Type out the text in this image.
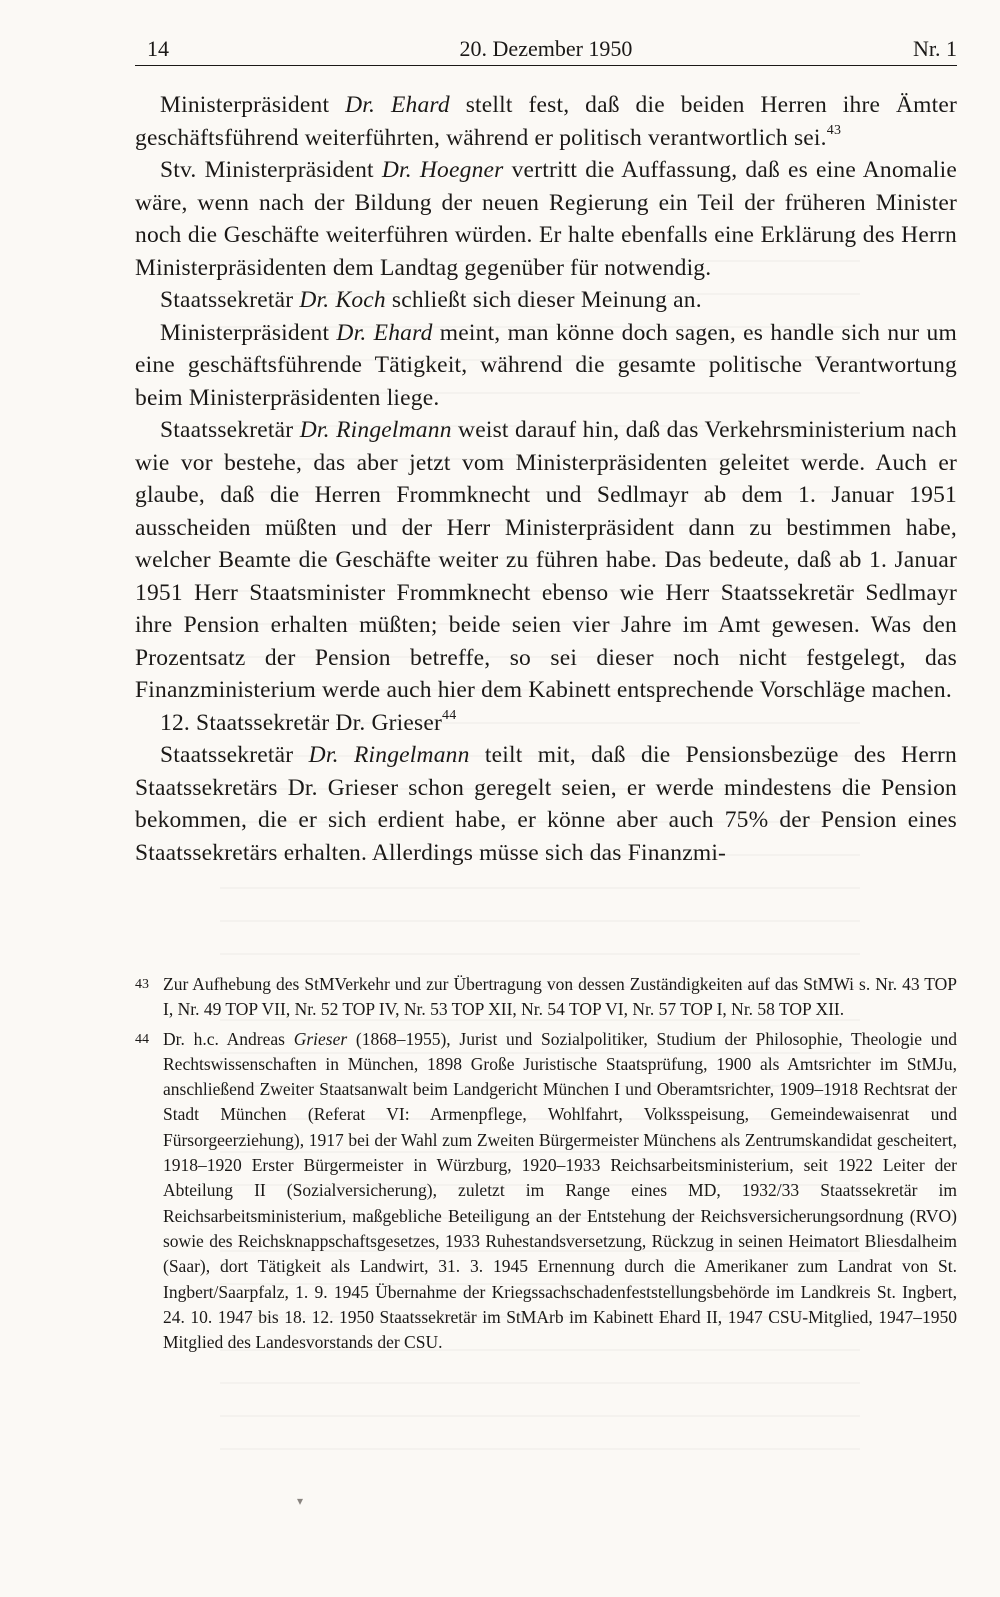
14	20. Dezember 1950	Nr. 1

Ministerpräsident Dr. Ehard stellt fest, daß die beiden Herren ihre Ämter geschäftsführend weiterführten, während er politisch verantwortlich sei.$^{43}$

Stv. Ministerpräsident Dr. Hoegner vertritt die Auffassung, daß es eine Anomalie wäre, wenn nach der Bildung der neuen Regierung ein Teil der früheren Minister noch die Geschäfte weiterführen würden. Er halte ebenfalls eine Erklärung des Herrn Ministerpräsidenten dem Landtag gegenüber für notwendig.

Staatssekretär Dr. Koch schließt sich dieser Meinung an.

Ministerpräsident Dr. Ehard meint, man könne doch sagen, es handle sich nur um eine geschäftsführende Tätigkeit, während die gesamte politische Verantwortung beim Ministerpräsidenten liege.

Staatssekretär Dr. Ringelmann weist darauf hin, daß das Verkehrsministerium nach wie vor bestehe, das aber jetzt vom Ministerpräsidenten geleitet werde. Auch er glaube, daß die Herren Frommknecht und Sedlmayr ab dem 1. Januar 1951 ausscheiden müßten und der Herr Ministerpräsident dann zu bestimmen habe, welcher Beamte die Geschäfte weiter zu führen habe. Das bedeute, daß ab 1. Januar 1951 Herr Staatsminister Frommknecht ebenso wie Herr Staatssekretär Sedlmayr ihre Pension erhalten müßten; beide seien vier Jahre im Amt gewesen. Was den Prozentsatz der Pension betreffe, so sei dieser noch nicht festgelegt, das Finanzministerium werde auch hier dem Kabinett entsprechende Vorschläge machen.

12. Staatssekretär Dr. Grieser$^{44}$

Staatssekretär Dr. Ringelmann teilt mit, daß die Pensionsbezüge des Herrn Staatssekretärs Dr. Grieser schon geregelt seien, er werde mindestens die Pension bekommen, die er sich erdient habe, er könne aber auch 75% der Pension eines Staatssekretärs erhalten. Allerdings müsse sich das Finanzmi-

43 Zur Aufhebung des StMVerkehr und zur Übertragung von dessen Zuständigkeiten auf das StMWi s. Nr. 43 TOP I, Nr. 49 TOP VII, Nr. 52 TOP IV, Nr. 53 TOP XII, Nr. 54 TOP VI, Nr. 57 TOP I, Nr. 58 TOP XII.
44 Dr. h.c. Andreas Grieser (1868–1955), Jurist und Sozialpolitiker, Studium der Philosophie, Theologie und Rechtswissenschaften in München, 1898 Große Juristische Staatsprüfung, 1900 als Amtsrichter im StMJu, anschließend Zweiter Staatsanwalt beim Landgericht München I und Oberamtsrichter, 1909–1918 Rechtsrat der Stadt München (Referat VI: Armenpflege, Wohlfahrt, Volksspeisung, Gemeindewaisenrat und Fürsorgeerziehung), 1917 bei der Wahl zum Zweiten Bürgermeister Münchens als Zentrumskandidat gescheitert, 1918–1920 Erster Bürgermeister in Würzburg, 1920–1933 Reichsarbeitsministerium, seit 1922 Leiter der Abteilung II (Sozialversicherung), zuletzt im Range eines MD, 1932/33 Staatssekretär im Reichsarbeitsministerium, maßgebliche Beteiligung an der Entstehung der Reichsversicherungsordnung (RVO) sowie des Reichsknappschaftsgesetzes, 1933 Ruhestandsversetzung, Rückzug in seinen Heimatort Bliesdalheim (Saar), dort Tätigkeit als Landwirt, 31. 3. 1945 Ernennung durch die Amerikaner zum Landrat von St. Ingbert/Saarpfalz, 1. 9. 1945 Übernahme der Kriegssachschadenfeststellungsbehörde im Landkreis St. Ingbert, 24. 10. 1947 bis 18. 12. 1950 Staatssekretär im StMArb im Kabinett Ehard II, 1947 CSU-Mitglied, 1947–1950 Mitglied des Landesvorstands der CSU.
▾
